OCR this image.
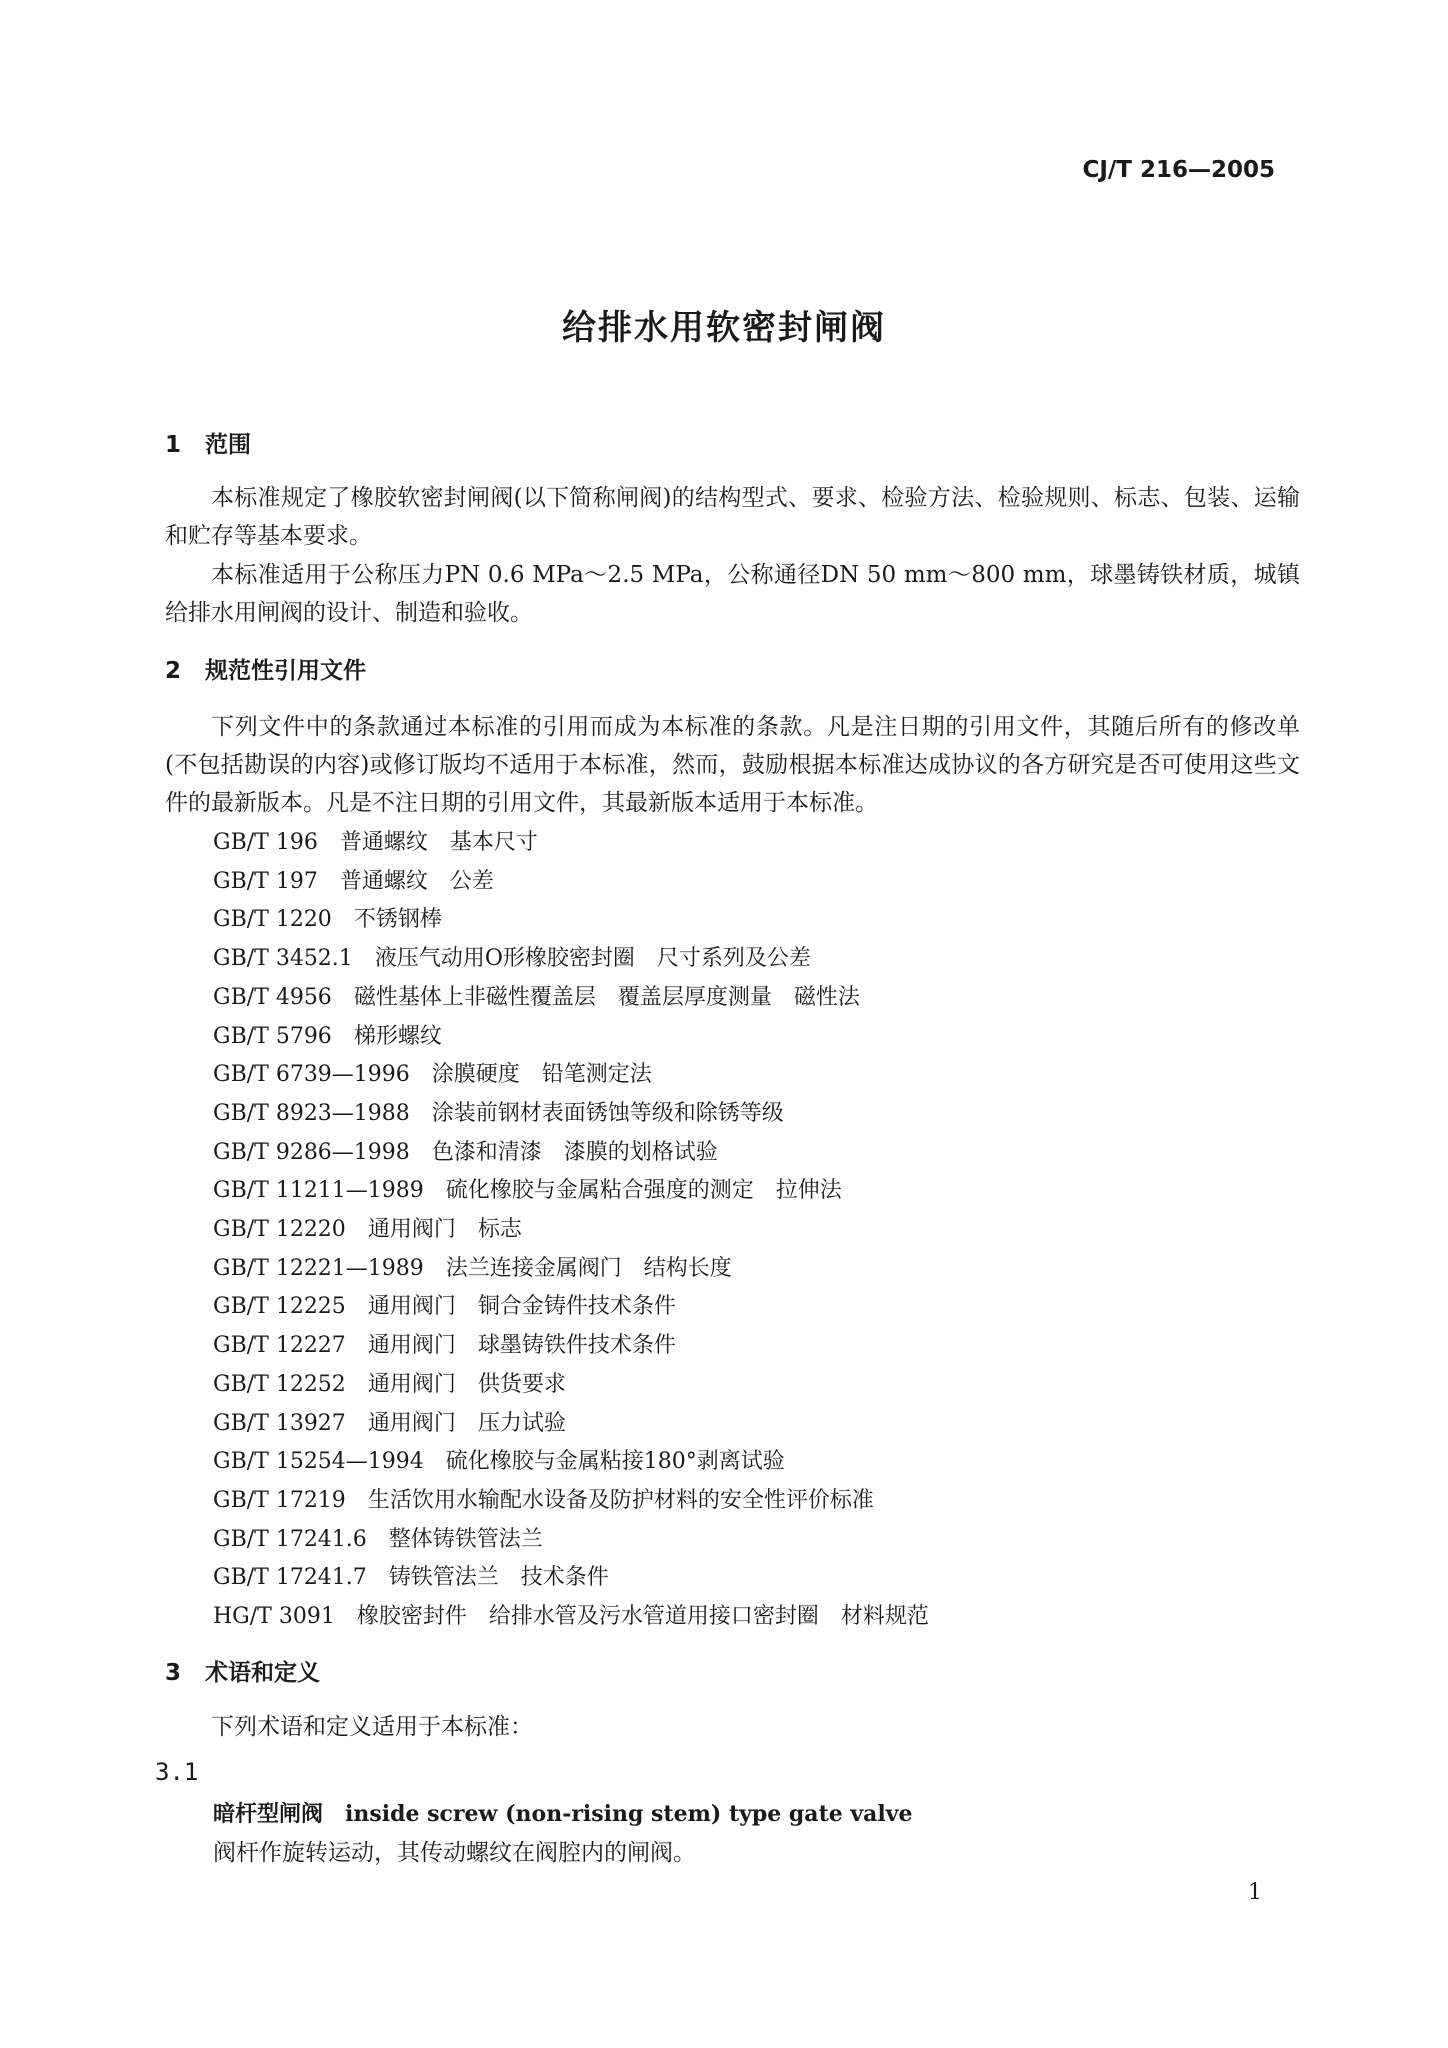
CJ/T 216—2005
给排水用软密封闸阀
1 范围
本标准规定了橡胶软密封闸阀(以下简称闸阀)的结构型式、要求、检验方法、检验规则、标志、包装、运输和贮存等基本要求。
本标准适用于公称压力PN 0.6 MPa～2.5 MPa，公称通径DN 50 mm～800 mm，球墨铸铁材质，城镇给排水用闸阀的设计、制造和验收。
2 规范性引用文件
下列文件中的条款通过本标准的引用而成为本标准的条款。凡是注日期的引用文件，其随后所有的修改单(不包括勘误的内容)或修订版均不适用于本标准，然而，鼓励根据本标准达成协议的各方研究是否可使用这些文件的最新版本。凡是不注日期的引用文件，其最新版本适用于本标准。
GB/T 196 普通螺纹　基本尺寸
GB/T 197 普通螺纹　公差
GB/T 1220 不锈钢棒
GB/T 3452.1 液压气动用O形橡胶密封圈　尺寸系列及公差
GB/T 4956 磁性基体上非磁性覆盖层　覆盖层厚度测量　磁性法
GB/T 5796 梯形螺纹
GB/T 6739—1996 涂膜硬度　铅笔测定法
GB/T 8923—1988 涂装前钢材表面锈蚀等级和除锈等级
GB/T 9286—1998 色漆和清漆　漆膜的划格试验
GB/T 11211—1989 硫化橡胶与金属粘合强度的测定　拉伸法
GB/T 12220 通用阀门　标志
GB/T 12221—1989 法兰连接金属阀门　结构长度
GB/T 12225 通用阀门　铜合金铸件技术条件
GB/T 12227 通用阀门　球墨铸铁件技术条件
GB/T 12252 通用阀门　供货要求
GB/T 13927 通用阀门　压力试验
GB/T 15254—1994 硫化橡胶与金属粘接180°剥离试验
GB/T 17219 生活饮用水输配水设备及防护材料的安全性评价标准
GB/T 17241.6 整体铸铁管法兰
GB/T 17241.7 铸铁管法兰　技术条件
HG/T 3091 橡胶密封件　给排水管及污水管道用接口密封圈　材料规范
3 术语和定义
下列术语和定义适用于本标准：
3.1
暗杆型闸阀 inside screw (non-rising stem) type gate valve
阀杆作旋转运动，其传动螺纹在阀腔内的闸阀。
1
